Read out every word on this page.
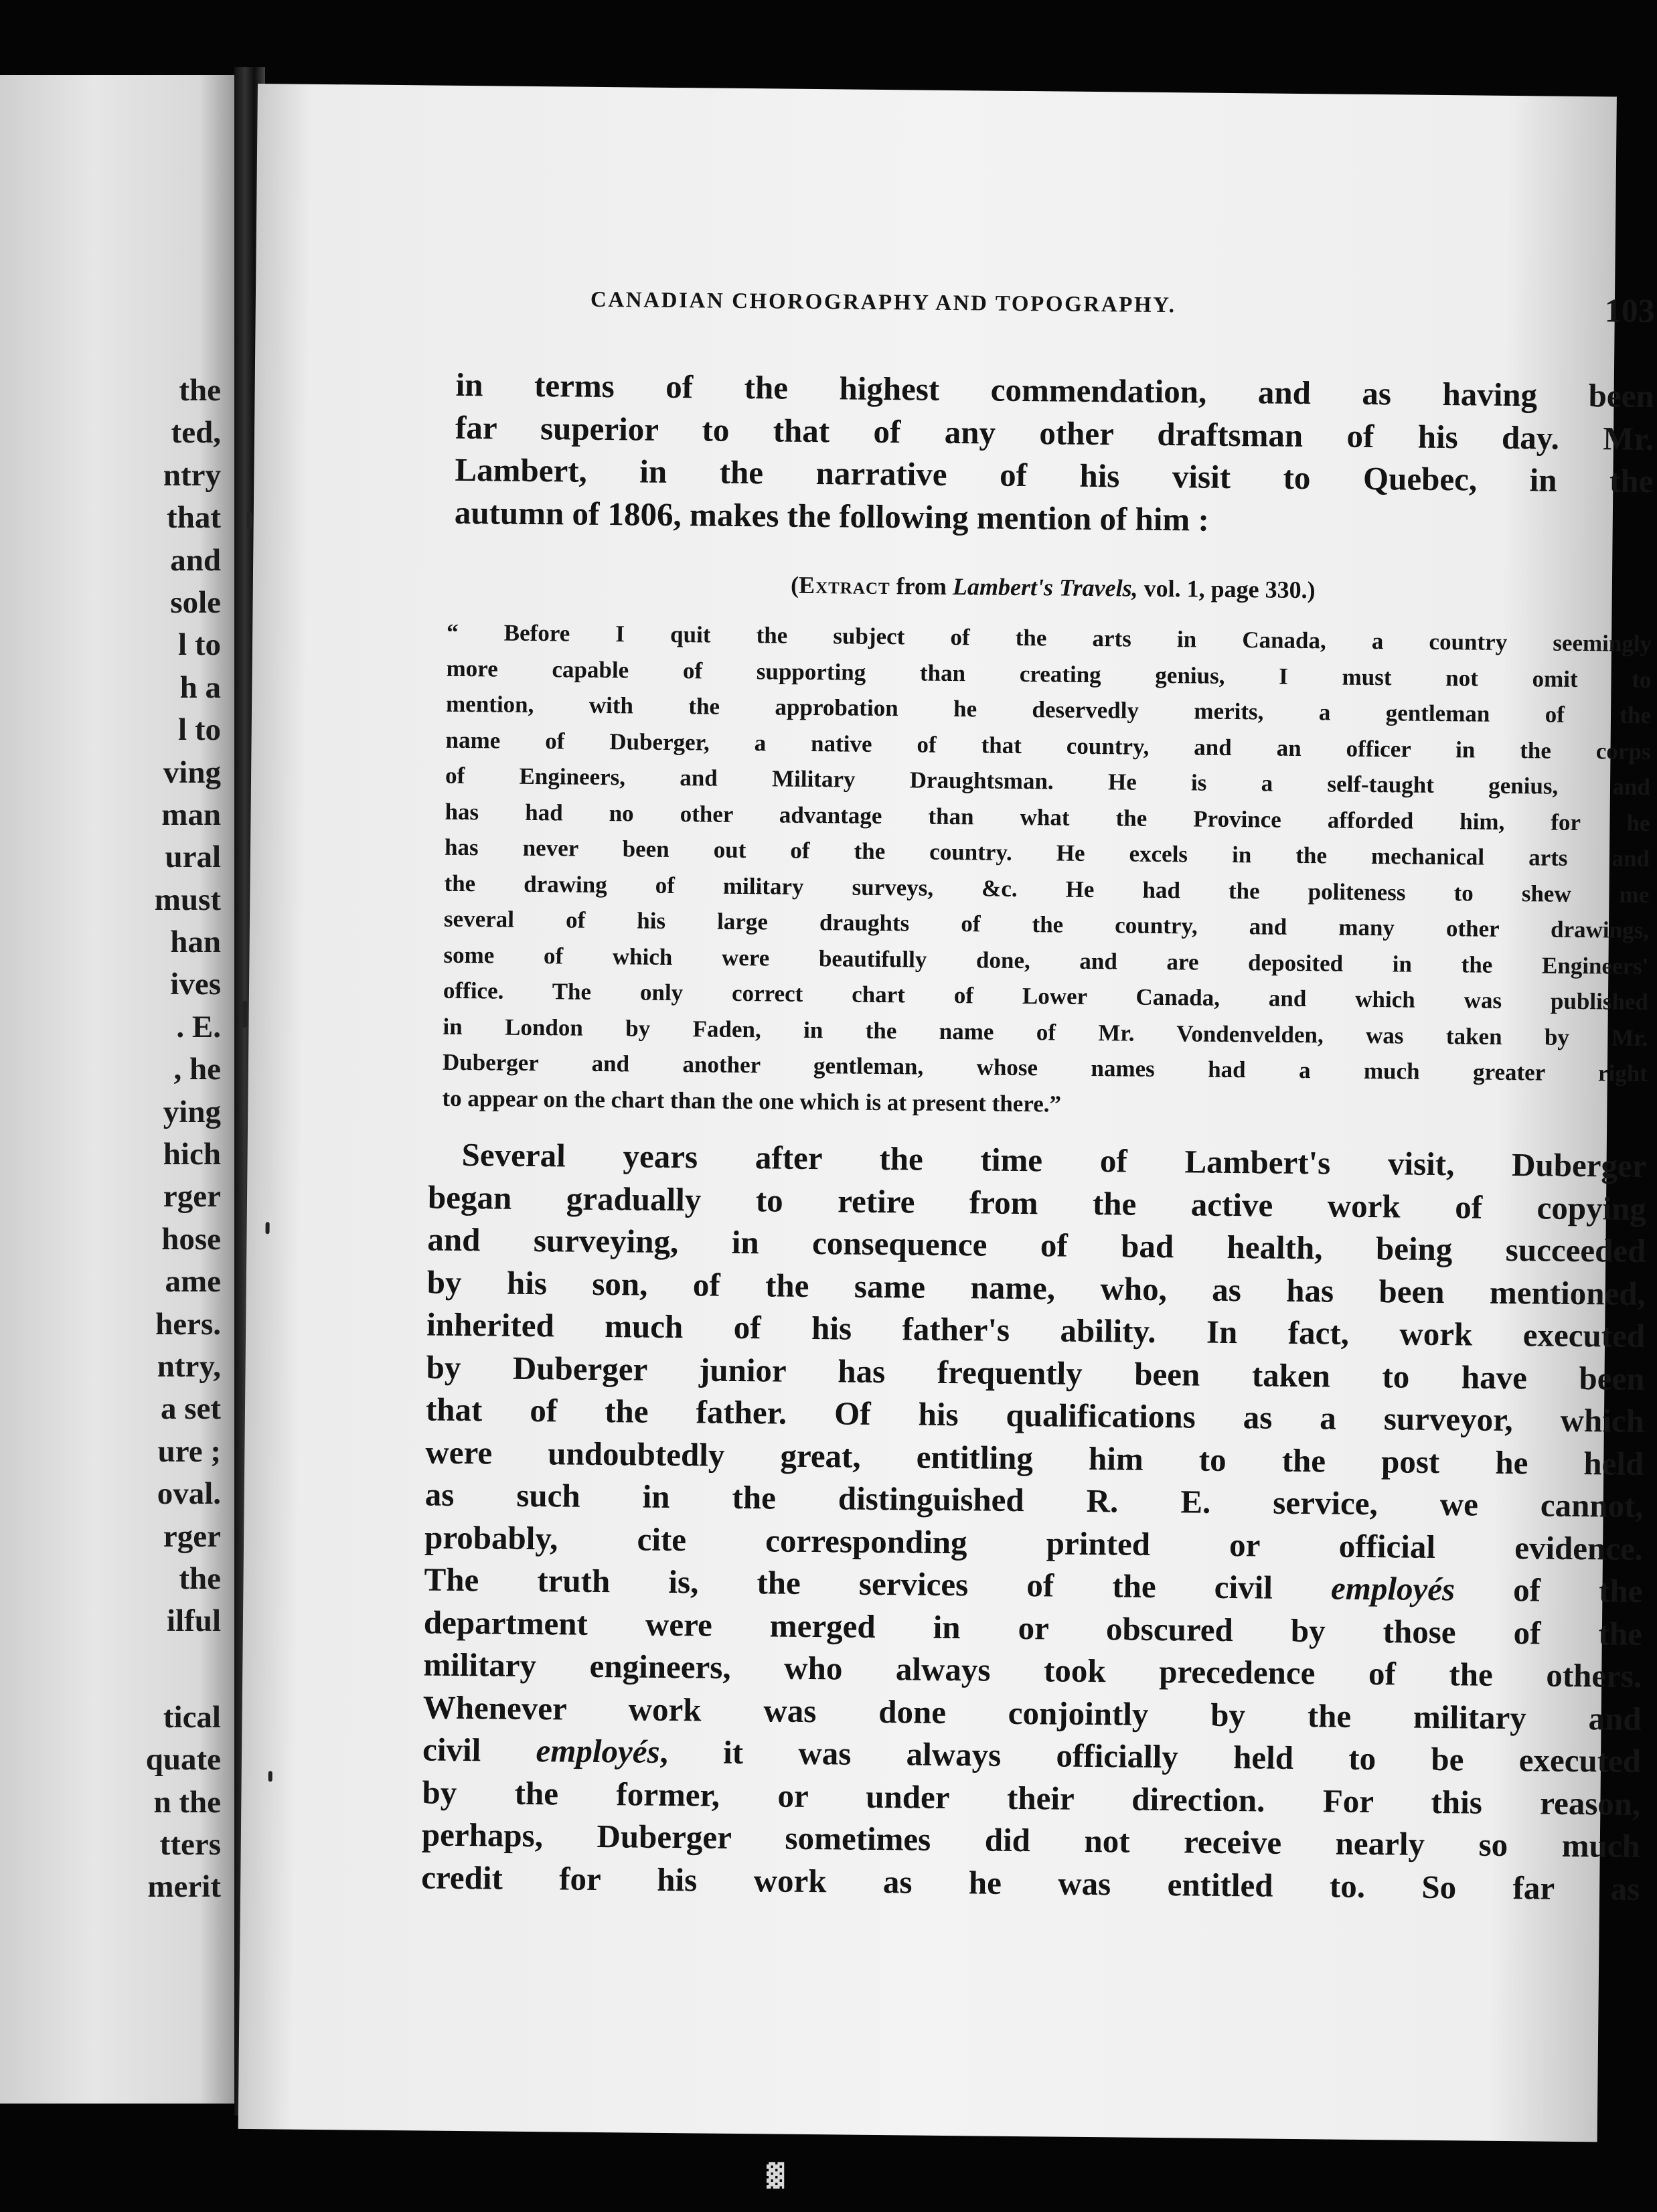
the
ted,
ntry
that
and
sole
l to
h a
l to
ving
man
ural
must
han
ives
. E.
, he
ying
hich
rger
hose
ame
hers.
ntry,
a set
ure ;
oval.
rger
the
ilful
tical
quate
n the
tters
merit
CANADIAN CHOROGRAPHY AND TOPOGRAPHY.	103

in terms of the highest commendation, and as having been
far superior to that of any other draftsman of his day. Mr.
Lambert, in the narrative of his visit to Quebec, in the
autumn of 1806, makes the following mention of him :

(Extract from Lambert's Travels, vol. 1, page 330.)

“ Before I quit the subject of the arts in Canada, a country seemingly
more capable of supporting than creating genius, I must not omit to
mention, with the approbation he deservedly merits, a gentleman of the
name of Duberger, a native of that country, and an officer in the corps
of Engineers, and Military Draughtsman. He is a self-taught genius, and
has had no other advantage than what the Province afforded him, for he
has never been out of the country. He excels in the mechanical arts and
the drawing of military surveys, &c. He had the politeness to shew me
several of his large draughts of the country, and many other drawings,
some of which were beautifully done, and are deposited in the Engineers'
office. The only correct chart of Lower Canada, and which was published
in London by Faden, in the name of Mr. Vondenvelden, was taken by Mr.
Duberger and another gentleman, whose names had a much greater right
to appear on the chart than the one which is at present there.”

Several years after the time of Lambert's visit, Duberger
began gradually to retire from the active work of copying
and surveying, in consequence of bad health, being succeeded
by his son, of the same name, who, as has been mentioned,
inherited much of his father's ability. In fact, work executed
by Duberger junior has frequently been taken to have been
that of the father. Of his qualifications as a surveyor, which
were undoubtedly great, entitling him to the post he held
as such in the distinguished R. E. service, we cannot,
probably, cite corresponding printed or official evidence.
The truth is, the services of the civil employés of the
department were merged in or obscured by those of the
military engineers, who always took precedence of the others.
Whenever work was done conjointly by the military and
civil employés, it was always officially held to be executed
by the former, or under their direction. For this reason,
perhaps, Duberger sometimes did not receive nearly so much
credit for his work as he was entitled to. So far as

▓
